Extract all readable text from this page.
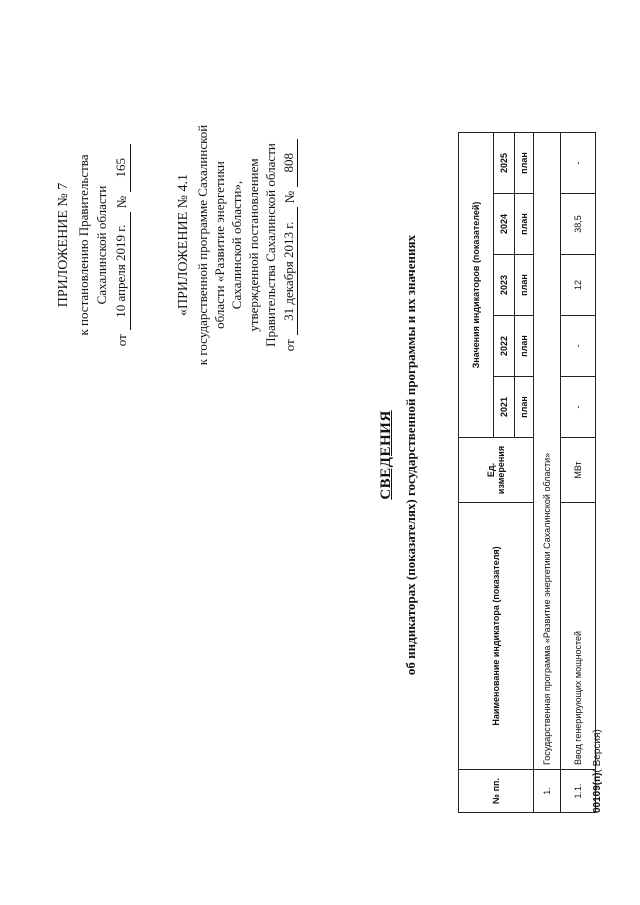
ПРИЛОЖЕНИЕ № 7 к постановлению Правительства Сахалинской области
от
10 апреля 2019 г.
№
165
«ПРИЛОЖЕНИЕ № 4.1 к государственной программе Сахалинской области «Развитие энергетики Сахалинской области», утвержденной постановлением Правительства Сахалинской области от
31 декабря 2013 г.
№
808
СВЕДЕНИЯ об индикаторах (показателях) государственной программы и их значениях
№ пп.	Наименование индикатора (показателя)	Ед. измерения	Значения индикаторов (показателей)				
			2021	2022	2023	2024	2025
			план	план	план	план	план
1.	Государственная программа «Развитие энергетики Сахалинской области»						
1.1.	Ввод генерирующих мощностей	МВт	-	-	12	38,5	-
00109(п)( Версия)
